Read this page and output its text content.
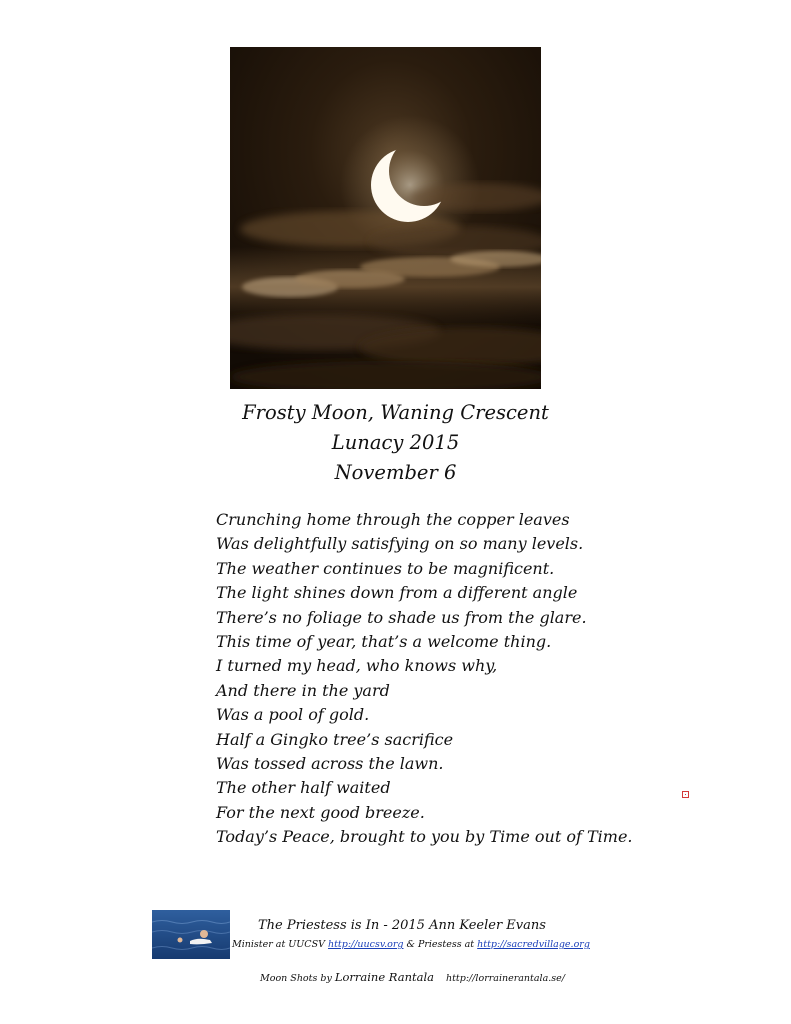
Frosty Moon, Waning Crescent
Lunacy 2015
November 6
Crunching home through the copper leaves
Was delightfully satisfying on so many levels.
The weather continues to be magnificent.
The light shines down from a different angle
There’s no foliage to shade us from the glare.
This time of year, that’s a welcome thing.
I turned my head, who knows why,
And there in the yard
Was a pool of gold.
Half a Gingko tree’s sacrifice
Was tossed across the lawn.
The other half waited
For the next good breeze.
Today’s Peace, brought to you by Time out of Time.
The Priestess is In - 2015 Ann Keeler Evans
Minister at UUCSV http://uucsv.org & Priestess at http://sacredvillage.org
Moon Shots by Lorraine Rantala http://lorrainerantala.se/
